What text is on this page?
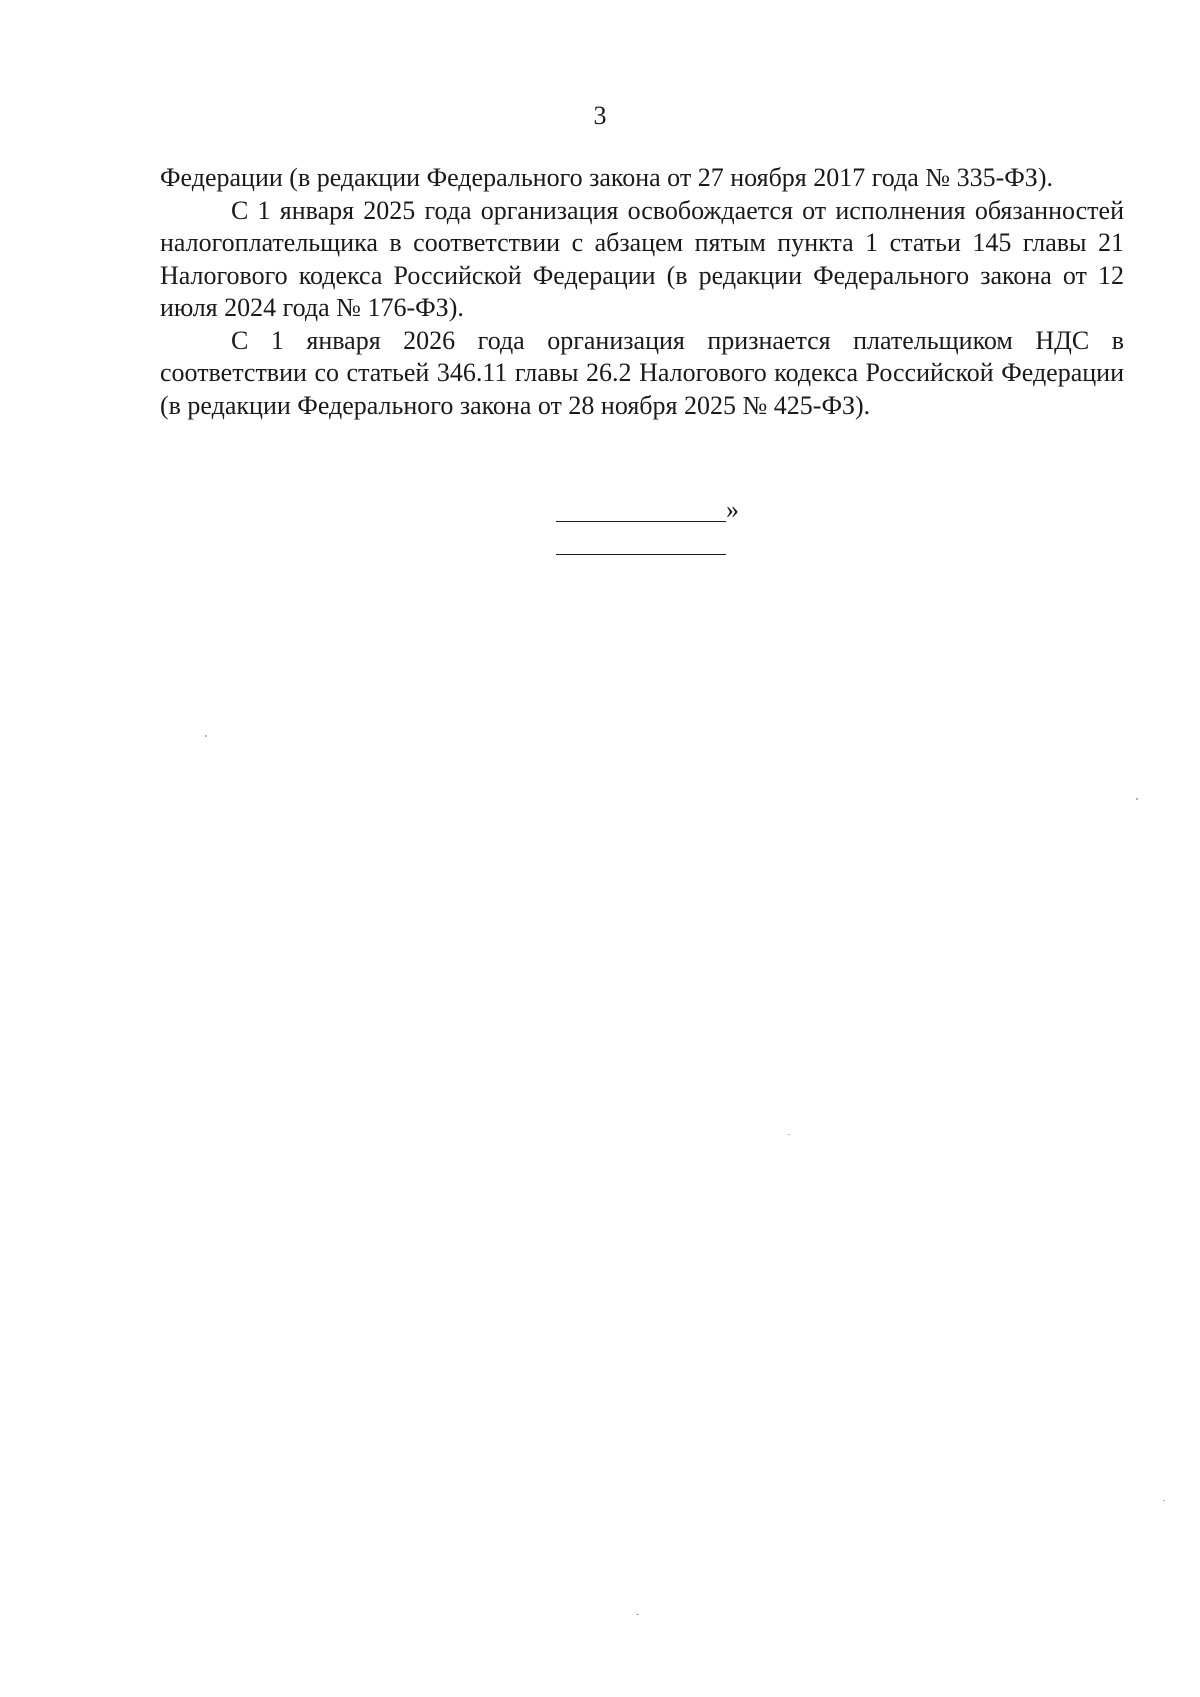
3

Федерации (в редакции Федерального закона от 27 ноября 2017 года № 335-ФЗ).

С 1 января 2025 года организация освобождается от исполнения обязанностей налогоплательщика в соответствии с абзацем пятым пункта 1 статьи 145 главы 21 Налогового кодекса Российской Федерации (в редакции Федерального закона от 12 июля 2024 года № 176-ФЗ).

С 1 января 2026 года организация признается плательщиком НДС в соответствии со статьей 346.11 главы 26.2 Налогового кодекса Российской Федерации (в редакции Федерального закона от 28 ноября 2025 № 425-ФЗ).

»
